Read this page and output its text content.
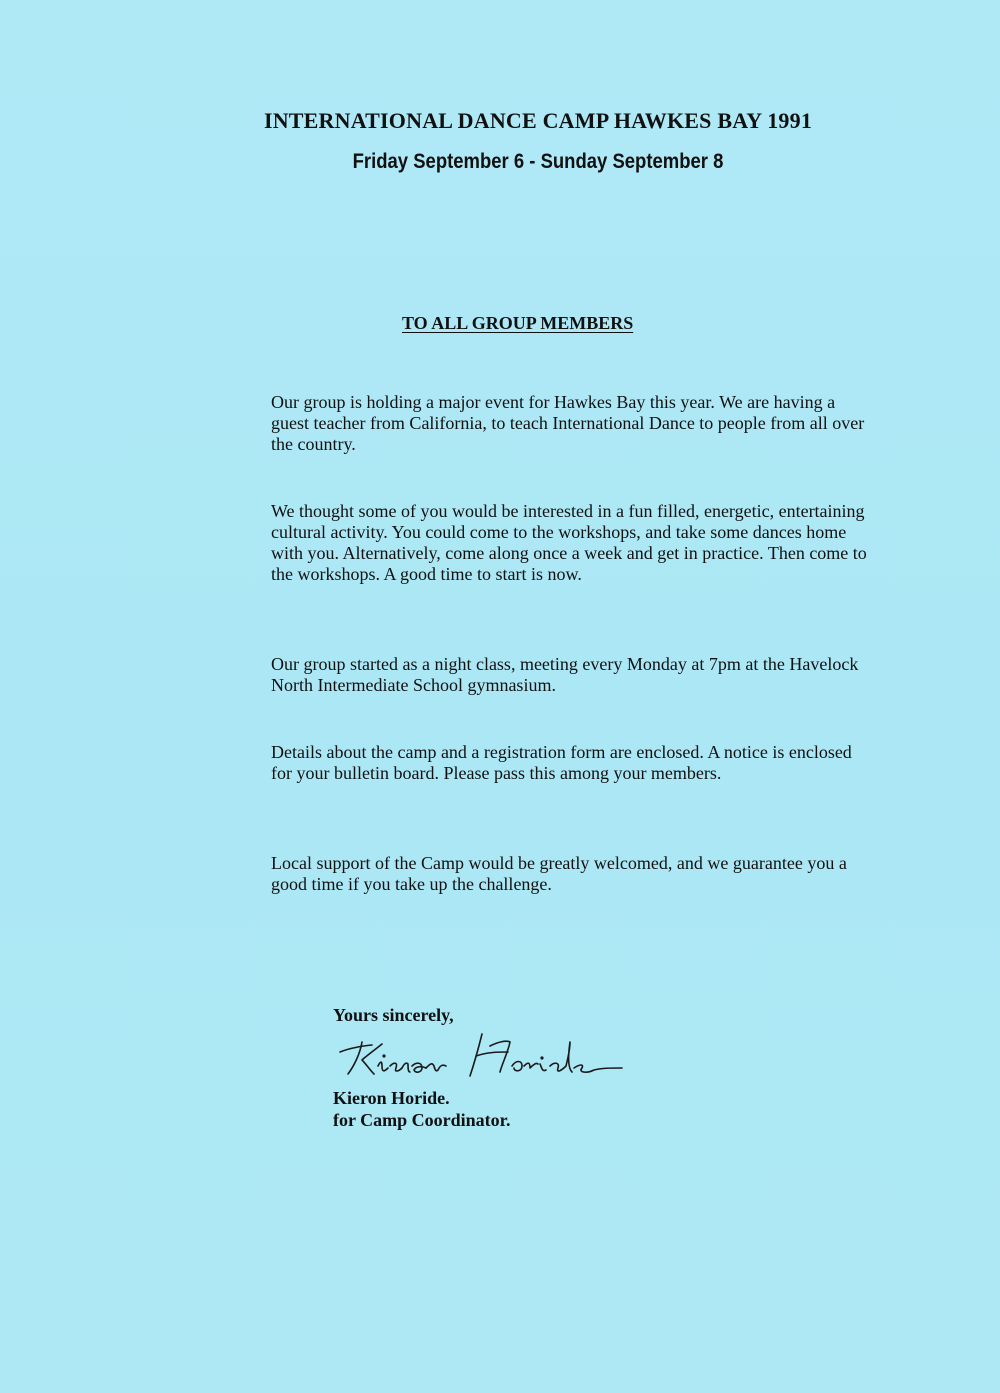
INTERNATIONAL DANCE CAMP HAWKES BAY 1991
Friday September 6 - Sunday September 8
TO ALL GROUP MEMBERS

Our group is holding a major event for Hawkes Bay this year. We are having a guest teacher from California, to teach International Dance to people from all over the country.

We thought some of you would be interested in a fun filled, energetic, entertaining cultural activity. You could come to the workshops, and take some dances home with you. Alternatively, come along once a week and get in practice. Then come to the workshops. A good time to start is now.

Our group started as a night class, meeting every Monday at 7pm at the Havelock North Intermediate School gymnasium.

Details about the camp and a registration form are enclosed. A notice is enclosed for your bulletin board. Please pass this among your members.

Local support of the Camp would be greatly welcomed, and we guarantee you a good time if you take up the challenge.

Yours sincerely,

Kieron Horide.

for Camp Coordinator.
